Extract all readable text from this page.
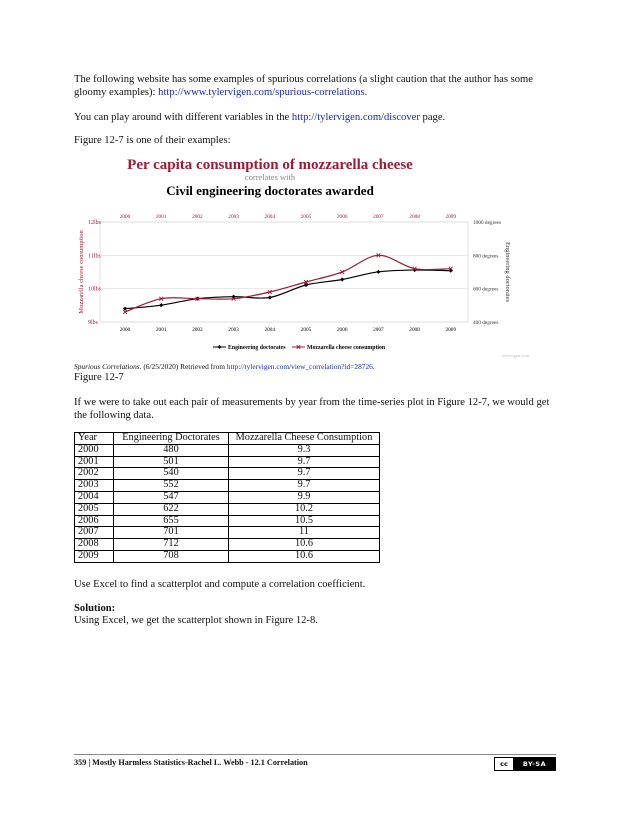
The following website has some examples of spurious correlations (a slight caution that the author has some gloomy examples): http://www.tylervigen.com/spurious-correlations.

You can play around with different variables in the http://tylervigen.com/discover page.

Figure 12-7 is one of their examples:

Per capita consumption of mozzarella cheese
correlates with
Civil engineering doctorates awarded
12lbs
11lbs
10lbs
9lbs
1000 degrees
800 degrees
600 degrees
400 degrees
2000
2000
2001
2001
2002
2002
2003
2003
2004
2004
2005
2005
2006
2006
2007
2007
2008
2008
2009
2009
Engineering doctorates	Mozzarella cheese consumption
Mozzarella cheese consumption	Engineering doctorates
tylervigen.com
Spurious Correlations. (6/25/2020) Retrieved from http://tylervigen.com/view_correlation?id=28726.

Figure 12-7

If we were to take out each pair of measurements by year from the time-series plot in Figure 12-7, we would get the following data.

Year	Engineering Doctorates	Mozzarella Cheese Consumption
2000	480	9.3
2001	501	9.7
2002	540	9.7
2003	552	9.7
2004	547	9.9
2005	622	10.2
2006	655	10.5
2007	701	11
2008	712	10.6
2009	708	10.6

Use Excel to find a scatterplot and compute a correlation coefficient.

Solution:

Using Excel, we get the scatterplot shown in Figure 12-8.

359 | Mostly Harmless Statistics-Rachel L. Webb - 12.1 Correlation	cc	BY-SA
